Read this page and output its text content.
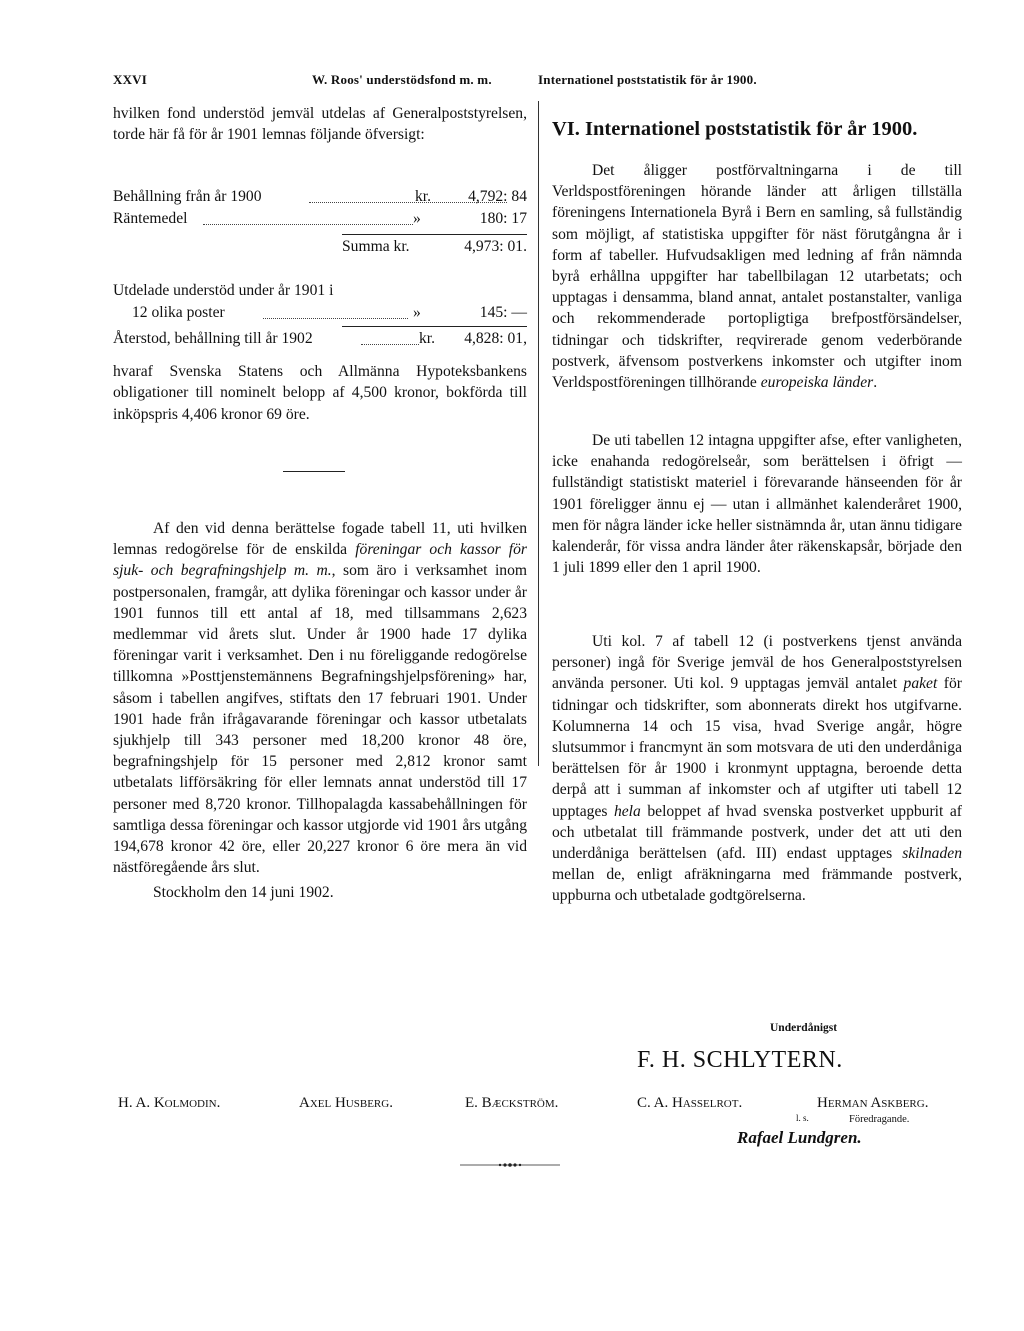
XXVI	W. Roos' understödsfond m. m.	Internationel poststatistik för år 1900.

hvilken fond understöd jemväl utdelas af Generalpoststyrelsen, torde här få för år 1901 lemnas följande öfversigt:

Behållning från år 1900	kr. 4,792: 84
Räntemedel	»	180: 17
Summa kr.	4,973: 01.
Utdelade understöd under år 1901 i
12 olika poster	»	145: —
Återstod, behållning till år 1902	kr. 4,828: 01,

hvaraf Svenska Statens och Allmänna Hypoteksbankens obligationer till nominelt belopp af 4,500 kronor, bokförda till inköpspris 4,406 kronor 69 öre.

Af den vid denna berättelse fogade tabell 11, uti hvilken lemnas redogörelse för de enskilda föreningar och kassor för sjuk- och begrafningshjelp m. m., som äro i verksamhet inom postpersonalen, framgår, att dylika föreningar och kassor under år 1901 funnos till ett antal af 18, med tillsammans 2,623 medlemmar vid årets slut. Under år 1900 hade 17 dylika föreningar varit i verksamhet. Den i nu föreliggande redogörelse tillkomna »Posttjenstemännens Begrafningshjelpsförening» har, såsom i tabellen angifves, stiftats den 17 februari 1901. Under 1901 hade från ifrågavarande föreningar och kassor utbetalats sjukhjelp till 343 personer med 18,200 kronor 48 öre, begrafningshjelp för 15 personer med 2,812 kronor samt utbetalats lifförsäkring för eller lemnats annat understöd till 17 personer med 8,720 kronor. Tillhopalagda kassabehållningen för samtliga dessa föreningar och kassor utgjorde vid 1901 års utgång 194,678 kronor 42 öre, eller 20,227 kronor 6 öre mera än vid nästföregående års slut.

Stockholm den 14 juni 1902.
VI. Internationel poststatistik för år 1900.

Det åligger postförvaltningarna i de till Verldspostföreningen hörande länder att årligen tillställa föreningens Internationela Byrå i Bern en samling, så fullständig som möjligt, af statistiska uppgifter för näst förutgångna år i form af tabeller. Hufvudsakligen med ledning af från nämnda byrå erhållna uppgifter har tabellbilagan 12 utarbetats; och upptagas i densamma, bland annat, antalet postanstalter, vanliga och rekommenderade portopligtiga brefpostförsändelser, tidningar och tidskrifter, reqvirerade genom vederbörande postverk, äfvensom postverkens inkomster och utgifter inom Verldspostföreningen tillhörande europeiska länder.

De uti tabellen 12 intagna uppgifter afse, efter vanligheten, icke enahanda redogörelseår, som berättelsen i öfrigt — fullständigt statistiskt materiel i förevarande hänseenden för år 1901 föreligger ännu ej — utan i allmänhet kalenderåret 1900, men för några länder icke heller sistnämnda år, utan ännu tidigare kalenderår, för vissa andra länder åter räkenskapsår, började den 1 juli 1899 eller den 1 april 1900.

Uti kol. 7 af tabell 12 (i postverkens tjenst använda personer) ingå för Sverige jemväl de hos Generalpoststyrelsen använda personer. Uti kol. 9 upptagas jemväl antalet paket för tidningar och tidskrifter, som abonnerats direkt hos utgifvarne. Kolumnerna 14 och 15 visa, hvad Sverige angår, högre slutsummor i francmynt än som motsvara de uti den underdåniga berättelsen för år 1900 i kronmynt upptagna, beroende detta derpå att i summan af inkomster och af utgifter uti tabell 12 upptages hela beloppet af hvad svenska postverket uppburit af och utbetalat till främmande postverk, under det att uti den underdåniga berättelsen (afd. III) endast upptages skilnaden mellan de, enligt afräkningarna med främmande postverk, uppburna och utbetalade godtgörelserna.

Underdånigst
F. H. SCHLYTERN.
H. A. Kolmodin.	Axel Husberg.	E. Bæckström.	C. A. Hasselrot.	Herman Askberg.
Föredragande.
l. s.
Rafael Lundgren.
